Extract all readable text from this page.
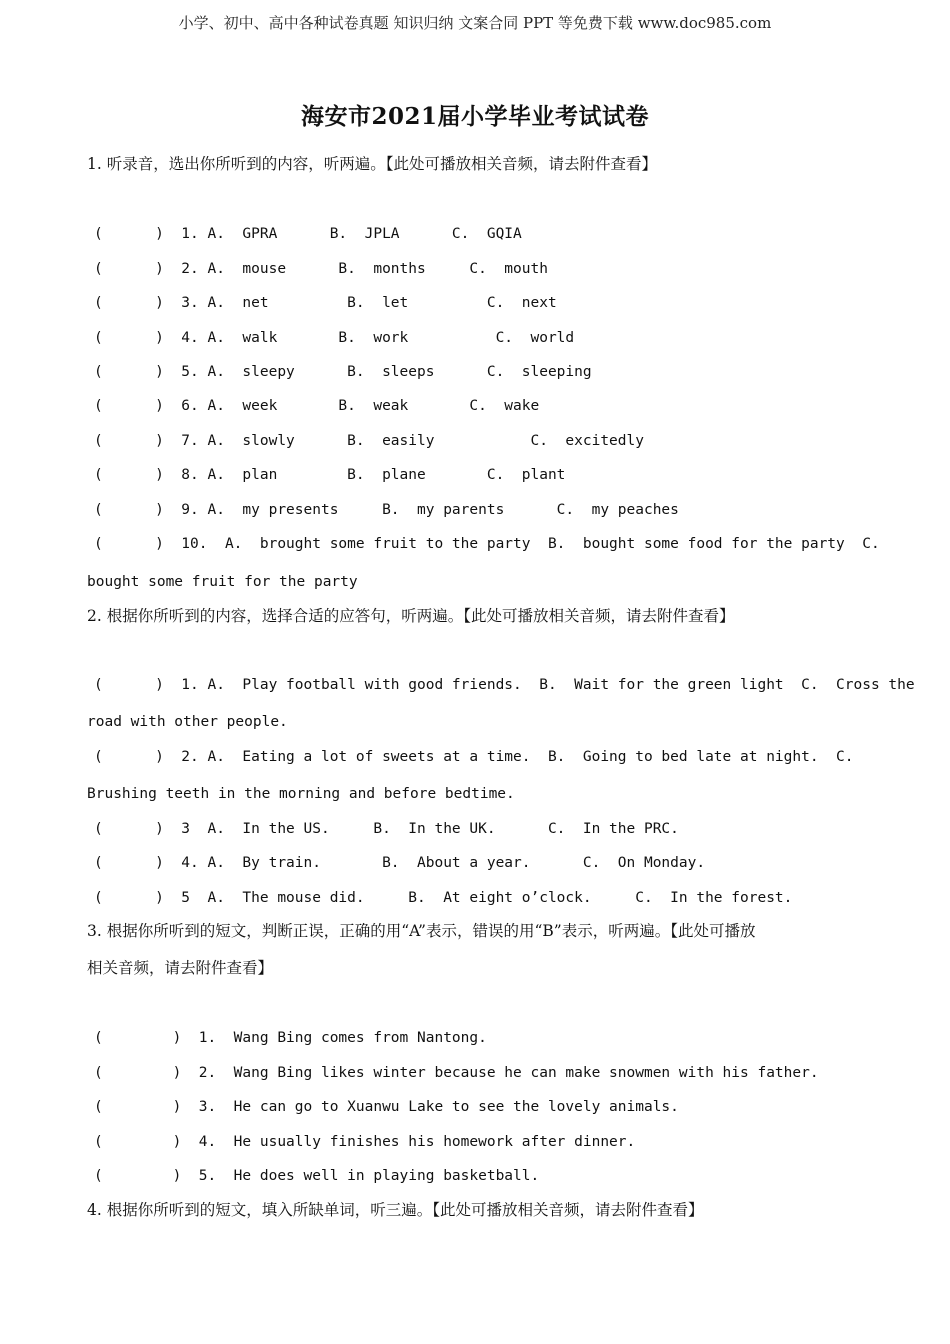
小学、初中、高中各种试卷真题 知识归纳 文案合同 PPT 等免费下载 www.doc985.com
海安市2021届小学毕业考试试卷
1. 听录音，选出你所听到的内容，听两遍。【此处可播放相关音频，请去附件查看】
(      )  1. A.  GPRA      B.  JPLA      C.  GQIA
(      )  2. A.  mouse      B.  months     C.  mouth
(      )  3. A.  net         B.  let         C.  next
(      )  4. A.  walk       B.  work          C.  world
(      )  5. A.  sleepy      B.  sleeps      C.  sleeping
(      )  6. A.  week       B.  weak       C.  wake
(      )  7. A.  slowly      B.  easily           C.  excitedly
(      )  8. A.  plan        B.  plane       C.  plant
(      )  9. A.  my presents     B.  my parents      C.  my peaches
(      )  10.  A.  brought some fruit to the party  B.  bought some food for the party  C.
bought some fruit for the party
2. 根据你所听到的内容，选择合适的应答句，听两遍。【此处可播放相关音频，请去附件查看】
(      )  1. A.  Play football with good friends.  B.  Wait for the green light  C.  Cross the
road with other people.
(      )  2. A.  Eating a lot of sweets at a time.  B.  Going to bed late at night.  C.
Brushing teeth in the morning and before bedtime.
(      )  3  A.  In the US.     B.  In the UK.      C.  In the PRC.
(      )  4. A.  By train.       B.  About a year.      C.  On Monday.
(      )  5  A.  The mouse did.     B.  At eight o’clock.     C.  In the forest.
3. 根据你所听到的短文，判断正误，正确的用“A”表示，错误的用“B”表示，听两遍。【此处可播放
相关音频，请去附件查看】
(        )  1.  Wang Bing comes from Nantong.
(        )  2.  Wang Bing likes winter because he can make snowmen with his father.
(        )  3.  He can go to Xuanwu Lake to see the lovely animals.
(        )  4.  He usually finishes his homework after dinner.
(        )  5.  He does well in playing basketball.
4. 根据你所听到的短文，填入所缺单词，听三遍。【此处可播放相关音频，请去附件查看】
